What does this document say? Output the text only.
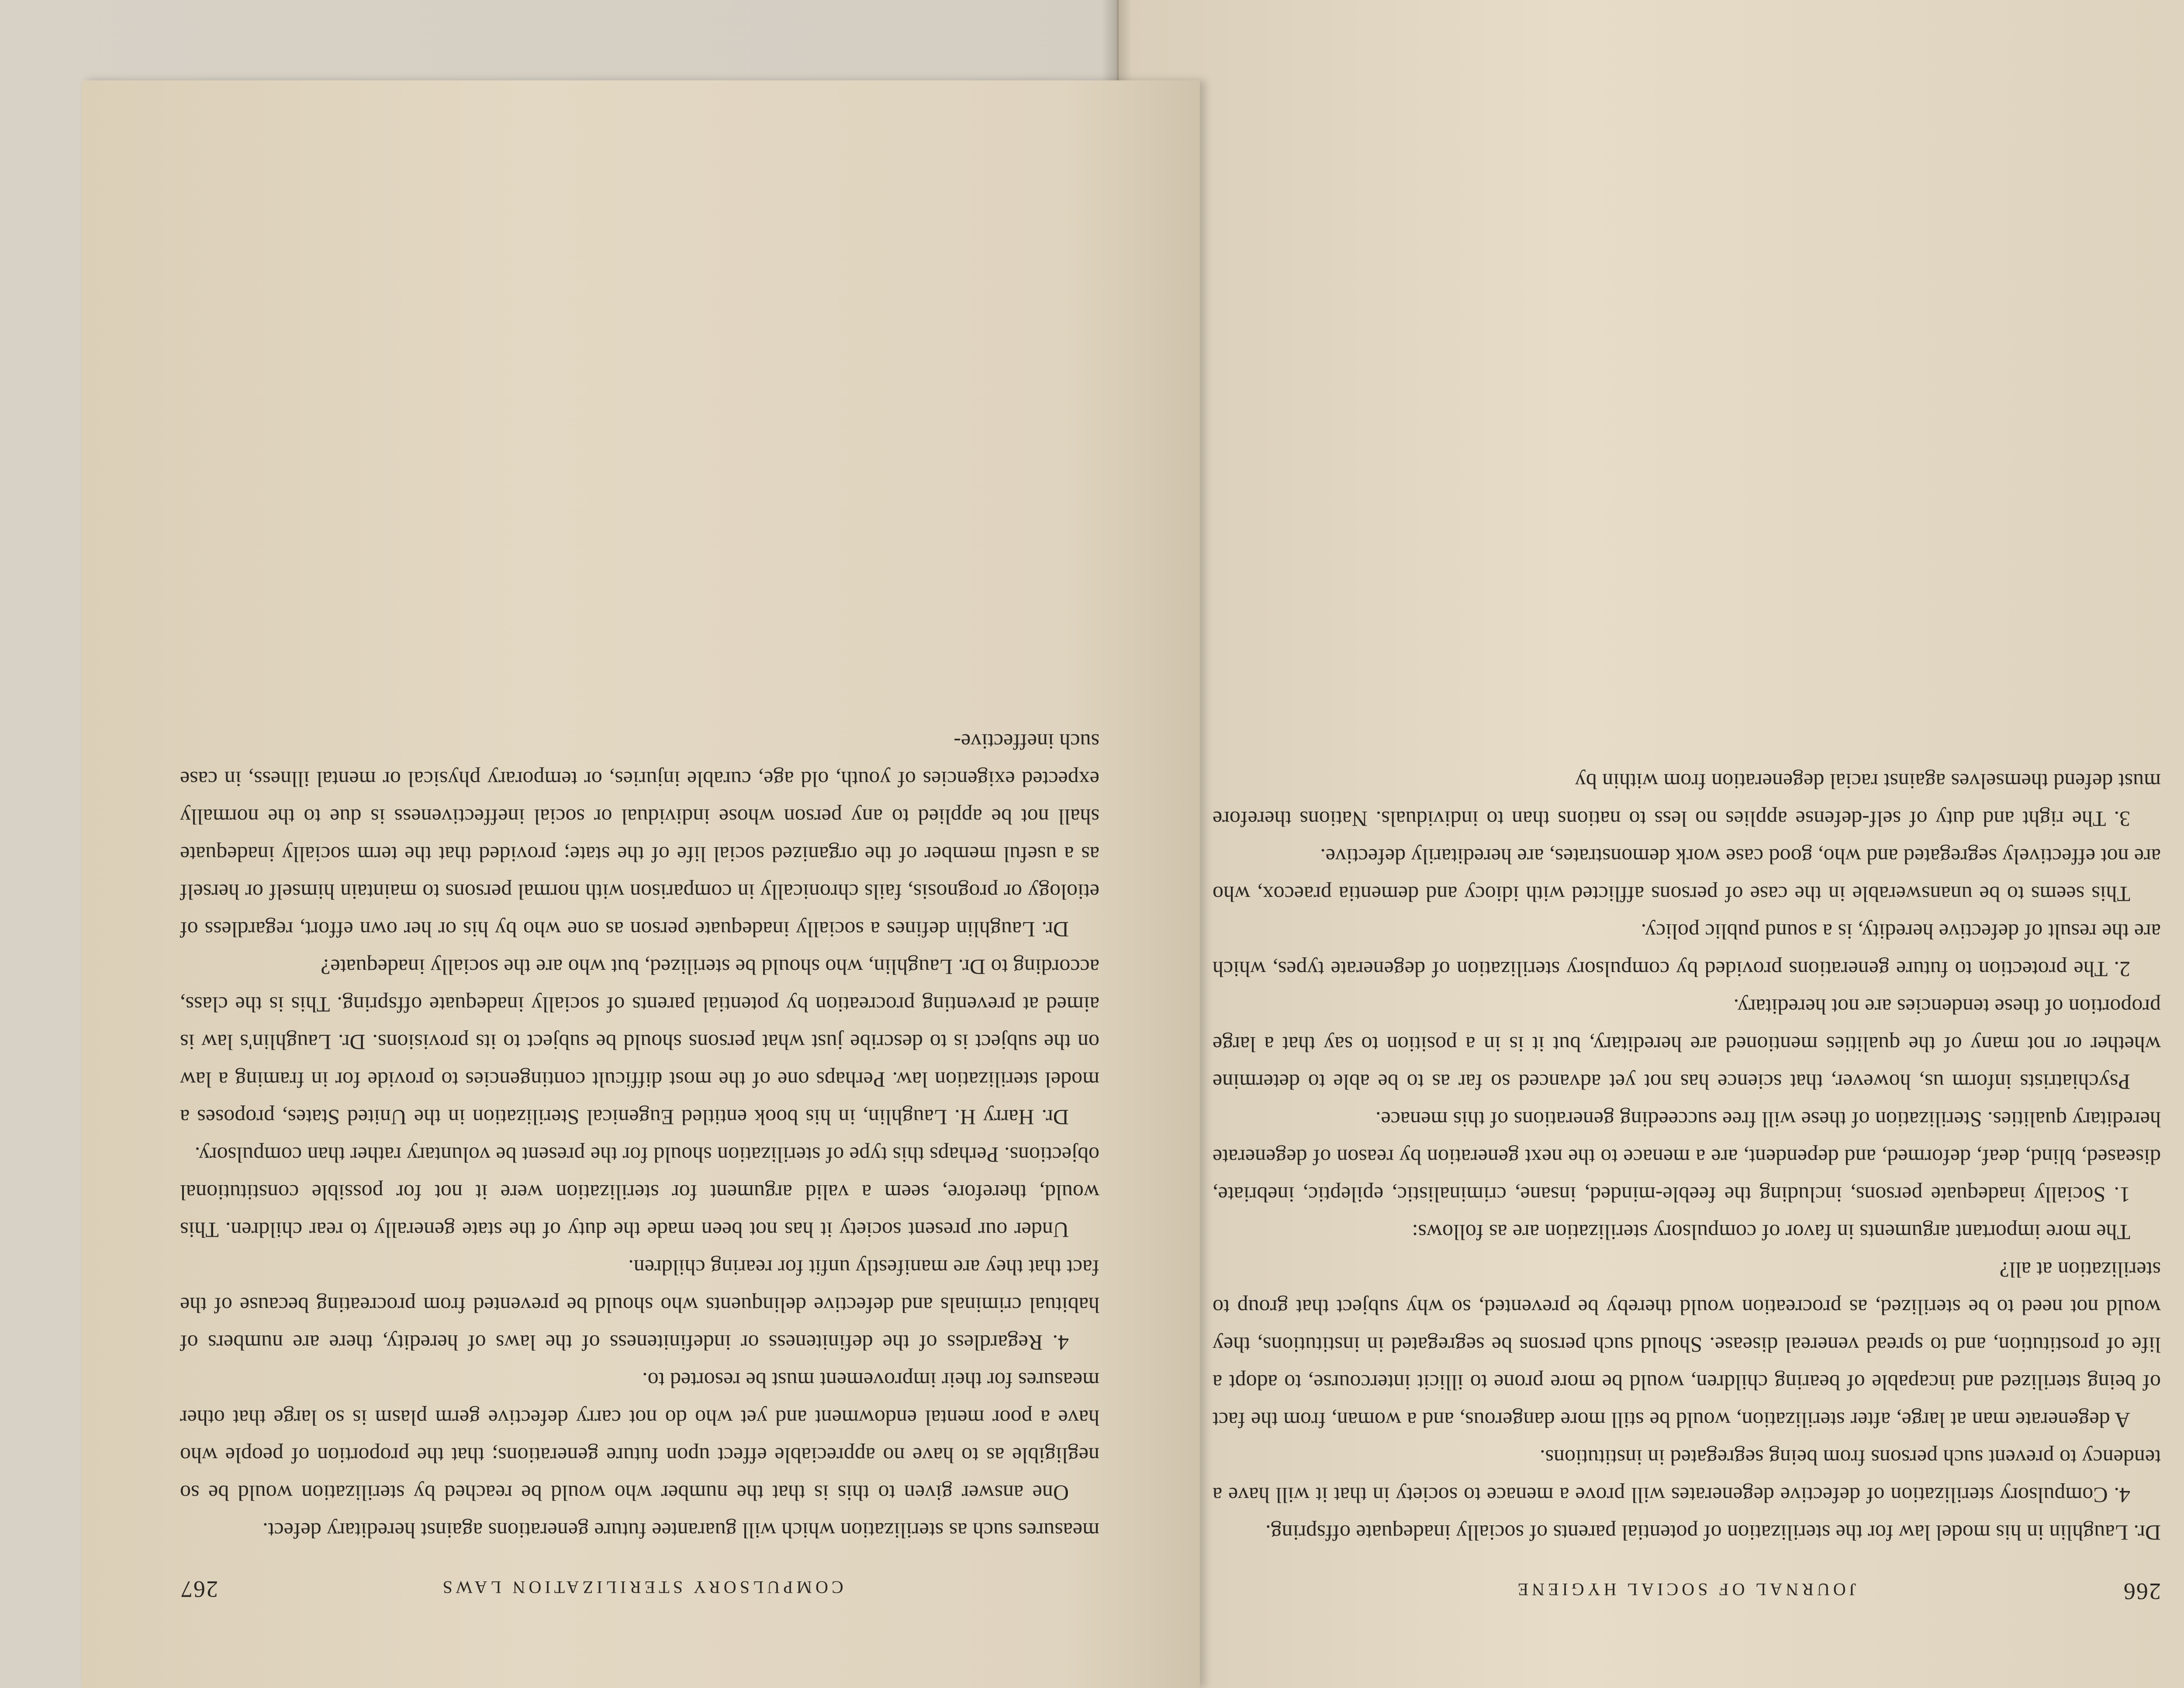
266
JOURNAL OF SOCIAL HYGIENE

Dr. Laughlin in his model law for the sterilization of potential parents of socially inadequate offspring.

4. Compulsory sterilization of defective degenerates will prove a menace to society in that it will have a tendency to prevent such persons from being segregated in institutions.

A degenerate man at large, after sterilization, would be still more dangerous, and a woman, from the fact of being sterilized and incapable of bearing children, would be more prone to illicit intercourse, to adopt a life of prostitution, and to spread venereal disease. Should such persons be segregated in institutions, they would not need to be sterilized, as procreation would thereby be prevented, so why subject that group to sterilization at all?

The more important arguments in favor of compulsory sterilization are as follows:

1. Socially inadequate persons, including the feeble-minded, insane, criminalistic, epileptic, inebriate, diseased, blind, deaf, deformed, and dependent, are a menace to the next generation by reason of degenerate hereditary qualities. Sterilization of these will free succeeding generations of this menace.

Psychiatrists inform us, however, that science has not yet advanced so far as to be able to determine whether or not many of the qualities mentioned are hereditary, but it is in a position to say that a large proportion of these tendencies are not hereditary.

2. The protection to future generations provided by compulsory sterilization of degenerate types, which are the result of defective heredity, is a sound public policy.

This seems to be unanswerable in the case of persons afflicted with idiocy and dementia praecox, who are not effectively segregated and who, good case work demonstrates, are hereditarily defective.

3. The right and duty of self-defense applies no less to nations than to individuals. Nations therefore must defend themselves against racial degeneration from within by

COMPULSORY STERILIZATION LAWS
267

measures such as sterilization which will guarantee future generations against hereditary defect.

One answer given to this is that the number who would be reached by sterilization would be so negligible as to have no appreciable effect upon future generations; that the proportion of people who have a poor mental endowment and yet who do not carry defective germ plasm is so large that other measures for their improvement must be resorted to.

4. Regardless of the definiteness or indefiniteness of the laws of heredity, there are numbers of habitual criminals and defective delinquents who should be prevented from procreating because of the fact that they are manifestly unfit for rearing children.

Under our present society it has not been made the duty of the state generally to rear children. This would, therefore, seem a valid argument for sterilization were it not for possible constitutional objections. Perhaps this type of sterilization should for the present be voluntary rather than compulsory.

Dr. Harry H. Laughlin, in his book entitled Eugenical Sterilization in the United States, proposes a model sterilization law. Perhaps one of the most difficult contingencies to provide for in framing a law on the subject is to describe just what persons should be subject to its provisions. Dr. Laughlin's law is aimed at preventing procreation by potential parents of socially inadequate offspring. This is the class, according to Dr. Laughlin, who should be sterilized, but who are the socially inadequate?

Dr. Laughlin defines a socially inadequate person as one who by his or her own effort, regardless of etiology or prognosis, fails chronically in comparison with normal persons to maintain himself or herself as a useful member of the organized social life of the state; provided that the term socially inadequate shall not be applied to any person whose individual or social ineffectiveness is due to the normally expected exigencies of youth, old age, curable injuries, or temporary physical or mental illness, in case such ineffective-
